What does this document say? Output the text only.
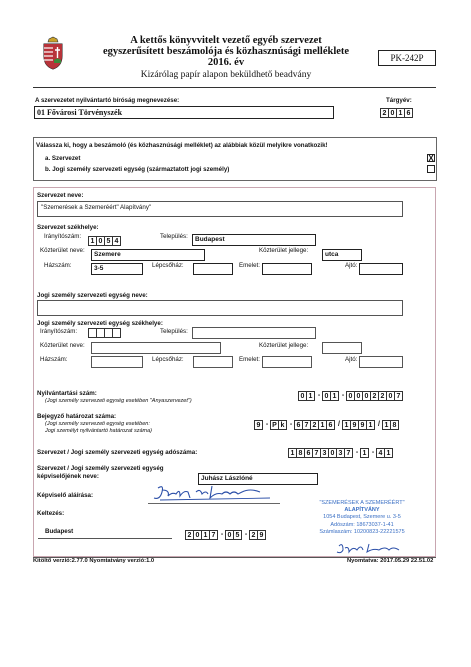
A kettős könyvvitelt vezető egyéb szervezet
egyszerűsített beszámolója és közhasznúsági melléklete
2016. év
Kizárólag papír alapon beküldhető beadvány
PK-242P
A szervezetet nyilvántartó bíróság megnevezése:
01 Fővárosi Törvényszék
Tárgyév:
2 0 1 6
Válassza ki, hogy a beszámoló (és közhasznúsági melléklet) az alábbiak közül melyikre vonatkozik!
a. Szervezet	X
b. Jogi személy szervezeti egység (származtatott jogi személy)
Szervezet neve:
"Szemerések a Szemeréért" Alapítvány"
Szervezet székhelye:
Irányítószám:
1 0 5 4
Település:	Budapest
Közterület neve:
Szemere
Közterület jellege:
utca
Házszám:	3-5	Lépcsőház:	Emelet:	Ajtó:
Jogi személy szervezeti egység neve:
Jogi személy szervezeti egység székhelye:
Irányítószám:	Település:
Közterület neve:	Közterület jellege:
Házszám:	Lépcsőház:	Emelet:	Ajtó:
Nyilvántartási szám:
(Jogi személy szervezeti egység esetében "Anyaszervezet")
0 1 - 0 1 - 0 0 0 2 2 0 7
Bejegyző határozat száma:
(Jogi személy szervezeti egység esetében:
Jogi személyt nyilvántartó határozat száma)
9 - P k - 6 7 2 1 6 / 1 9 9 1 / 1 8
Szervezet / Jogi személy szervezeti egység adószáma:	1 8 6 7 3 0 3 7 - 1 - 4 1
Szervezet / Jogi személy szervezeti egység
képviselőjének neve:	Juhász Lászlóné
Képviselő aláírása:
Keltezés:
Budapest
2 0 1 7 - 0 5 - 2 9
"SZEMERÉSEK A SZEMERÉÉRT"
ALAPÍTVÁNY
1054 Budapest, Szemere u. 3-5
Adószám: 18673037-1-41
Számlaszám: 10200823-22221575
Kitöltő verzió:2.77.0 Nyomtatvány verzió:1.0	Nyomtatva: 2017.05.29 22.51.02
